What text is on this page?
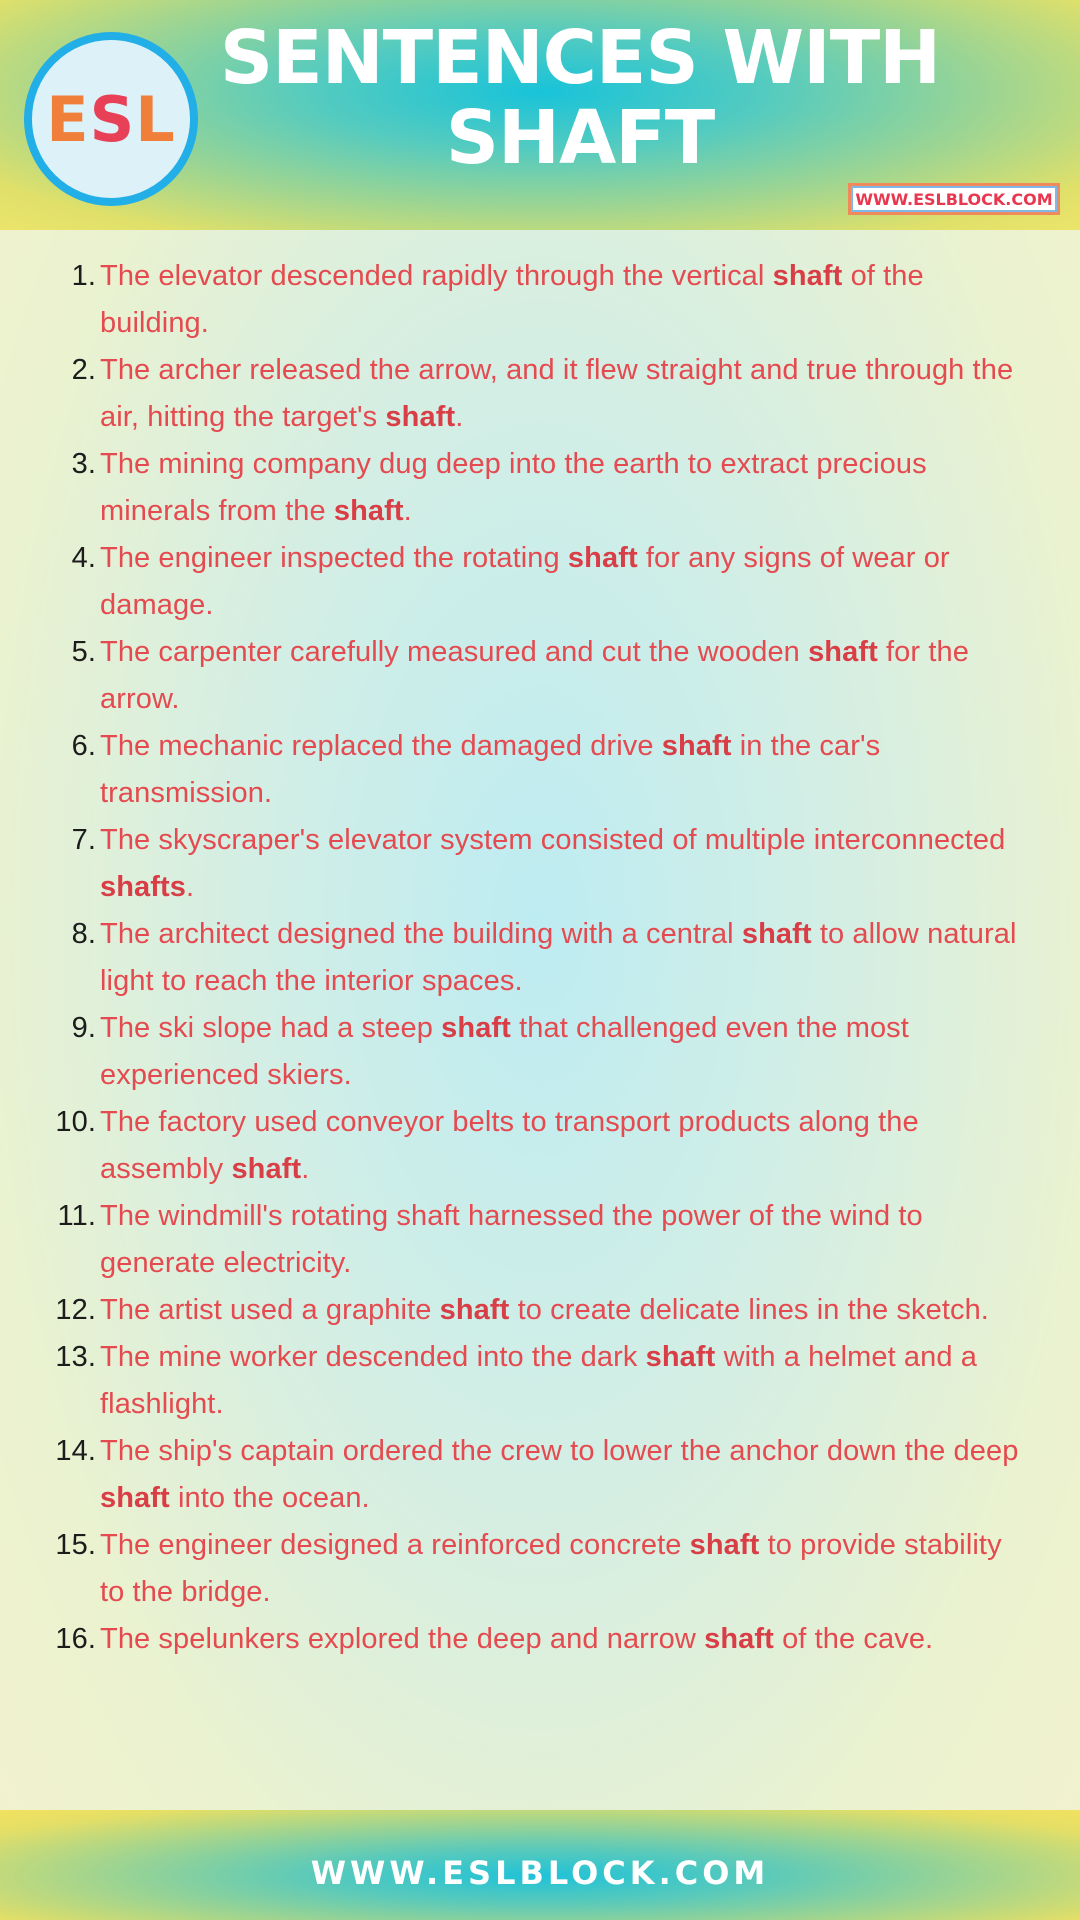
ESL
SENTENCES WITH
SHAFT
WWW.ESLBLOCK.COM
1. The elevator descended rapidly through the vertical shaft of the building.
2. The archer released the arrow, and it flew straight and true through the air, hitting the target's shaft.
3. The mining company dug deep into the earth to extract precious minerals from the shaft.
4. The engineer inspected the rotating shaft for any signs of wear or damage.
5. The carpenter carefully measured and cut the wooden shaft for the arrow.
6. The mechanic replaced the damaged drive shaft in the car's transmission.
7. The skyscraper's elevator system consisted of multiple interconnected shafts.
8. The architect designed the building with a central shaft to allow natural light to reach the interior spaces.
9. The ski slope had a steep shaft that challenged even the most experienced skiers.
10. The factory used conveyor belts to transport products along the assembly shaft.
11. The windmill's rotating shaft harnessed the power of the wind to generate electricity.
12. The artist used a graphite shaft to create delicate lines in the sketch.
13. The mine worker descended into the dark shaft with a helmet and a flashlight.
14. The ship's captain ordered the crew to lower the anchor down the deep shaft into the ocean.
15. The engineer designed a reinforced concrete shaft to provide stability to the bridge.
16. The spelunkers explored the deep and narrow shaft of the cave.
WWW.ESLBLOCK.COM
